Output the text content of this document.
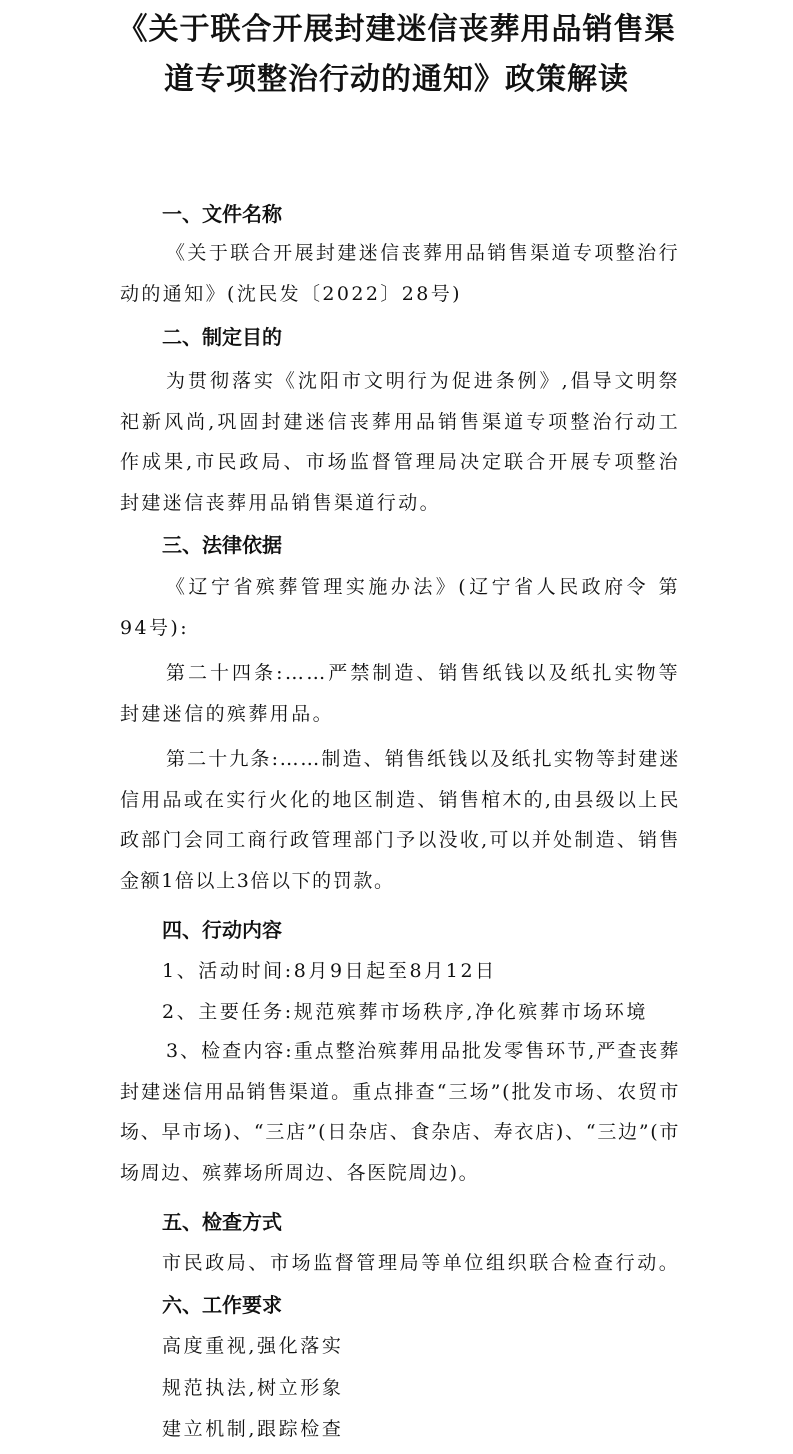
《关于联合开展封建迷信丧葬用品销售渠
道专项整治行动的通知》政策解读
一、文件名称

《关于联合开展封建迷信丧葬用品销售渠道专项整治行动的通知》(沈民发〔2022〕28号)

二、制定目的

为贯彻落实《沈阳市文明行为促进条例》,倡导文明祭祀新风尚,巩固封建迷信丧葬用品销售渠道专项整治行动工作成果,市民政局、市场监督管理局决定联合开展专项整治封建迷信丧葬用品销售渠道行动。

三、法律依据

《辽宁省殡葬管理实施办法》(辽宁省人民政府令 第94号):

第二十四条:……严禁制造、销售纸钱以及纸扎实物等封建迷信的殡葬用品。

第二十九条:……制造、销售纸钱以及纸扎实物等封建迷信用品或在实行火化的地区制造、销售棺木的,由县级以上民政部门会同工商行政管理部门予以没收,可以并处制造、销售金额1倍以上3倍以下的罚款。

四、行动内容

1、活动时间:8月9日起至8月12日

2、主要任务:规范殡葬市场秩序,净化殡葬市场环境

3、检查内容:重点整治殡葬用品批发零售环节,严查丧葬封建迷信用品销售渠道。重点排查“三场”(批发市场、农贸市场、早市场)、“三店”(日杂店、食杂店、寿衣店)、“三边”(市场周边、殡葬场所周边、各医院周边)。

五、检查方式

市民政局、市场监督管理局等单位组织联合检查行动。

六、工作要求

高度重视,强化落实

规范执法,树立形象

建立机制,跟踪检查
